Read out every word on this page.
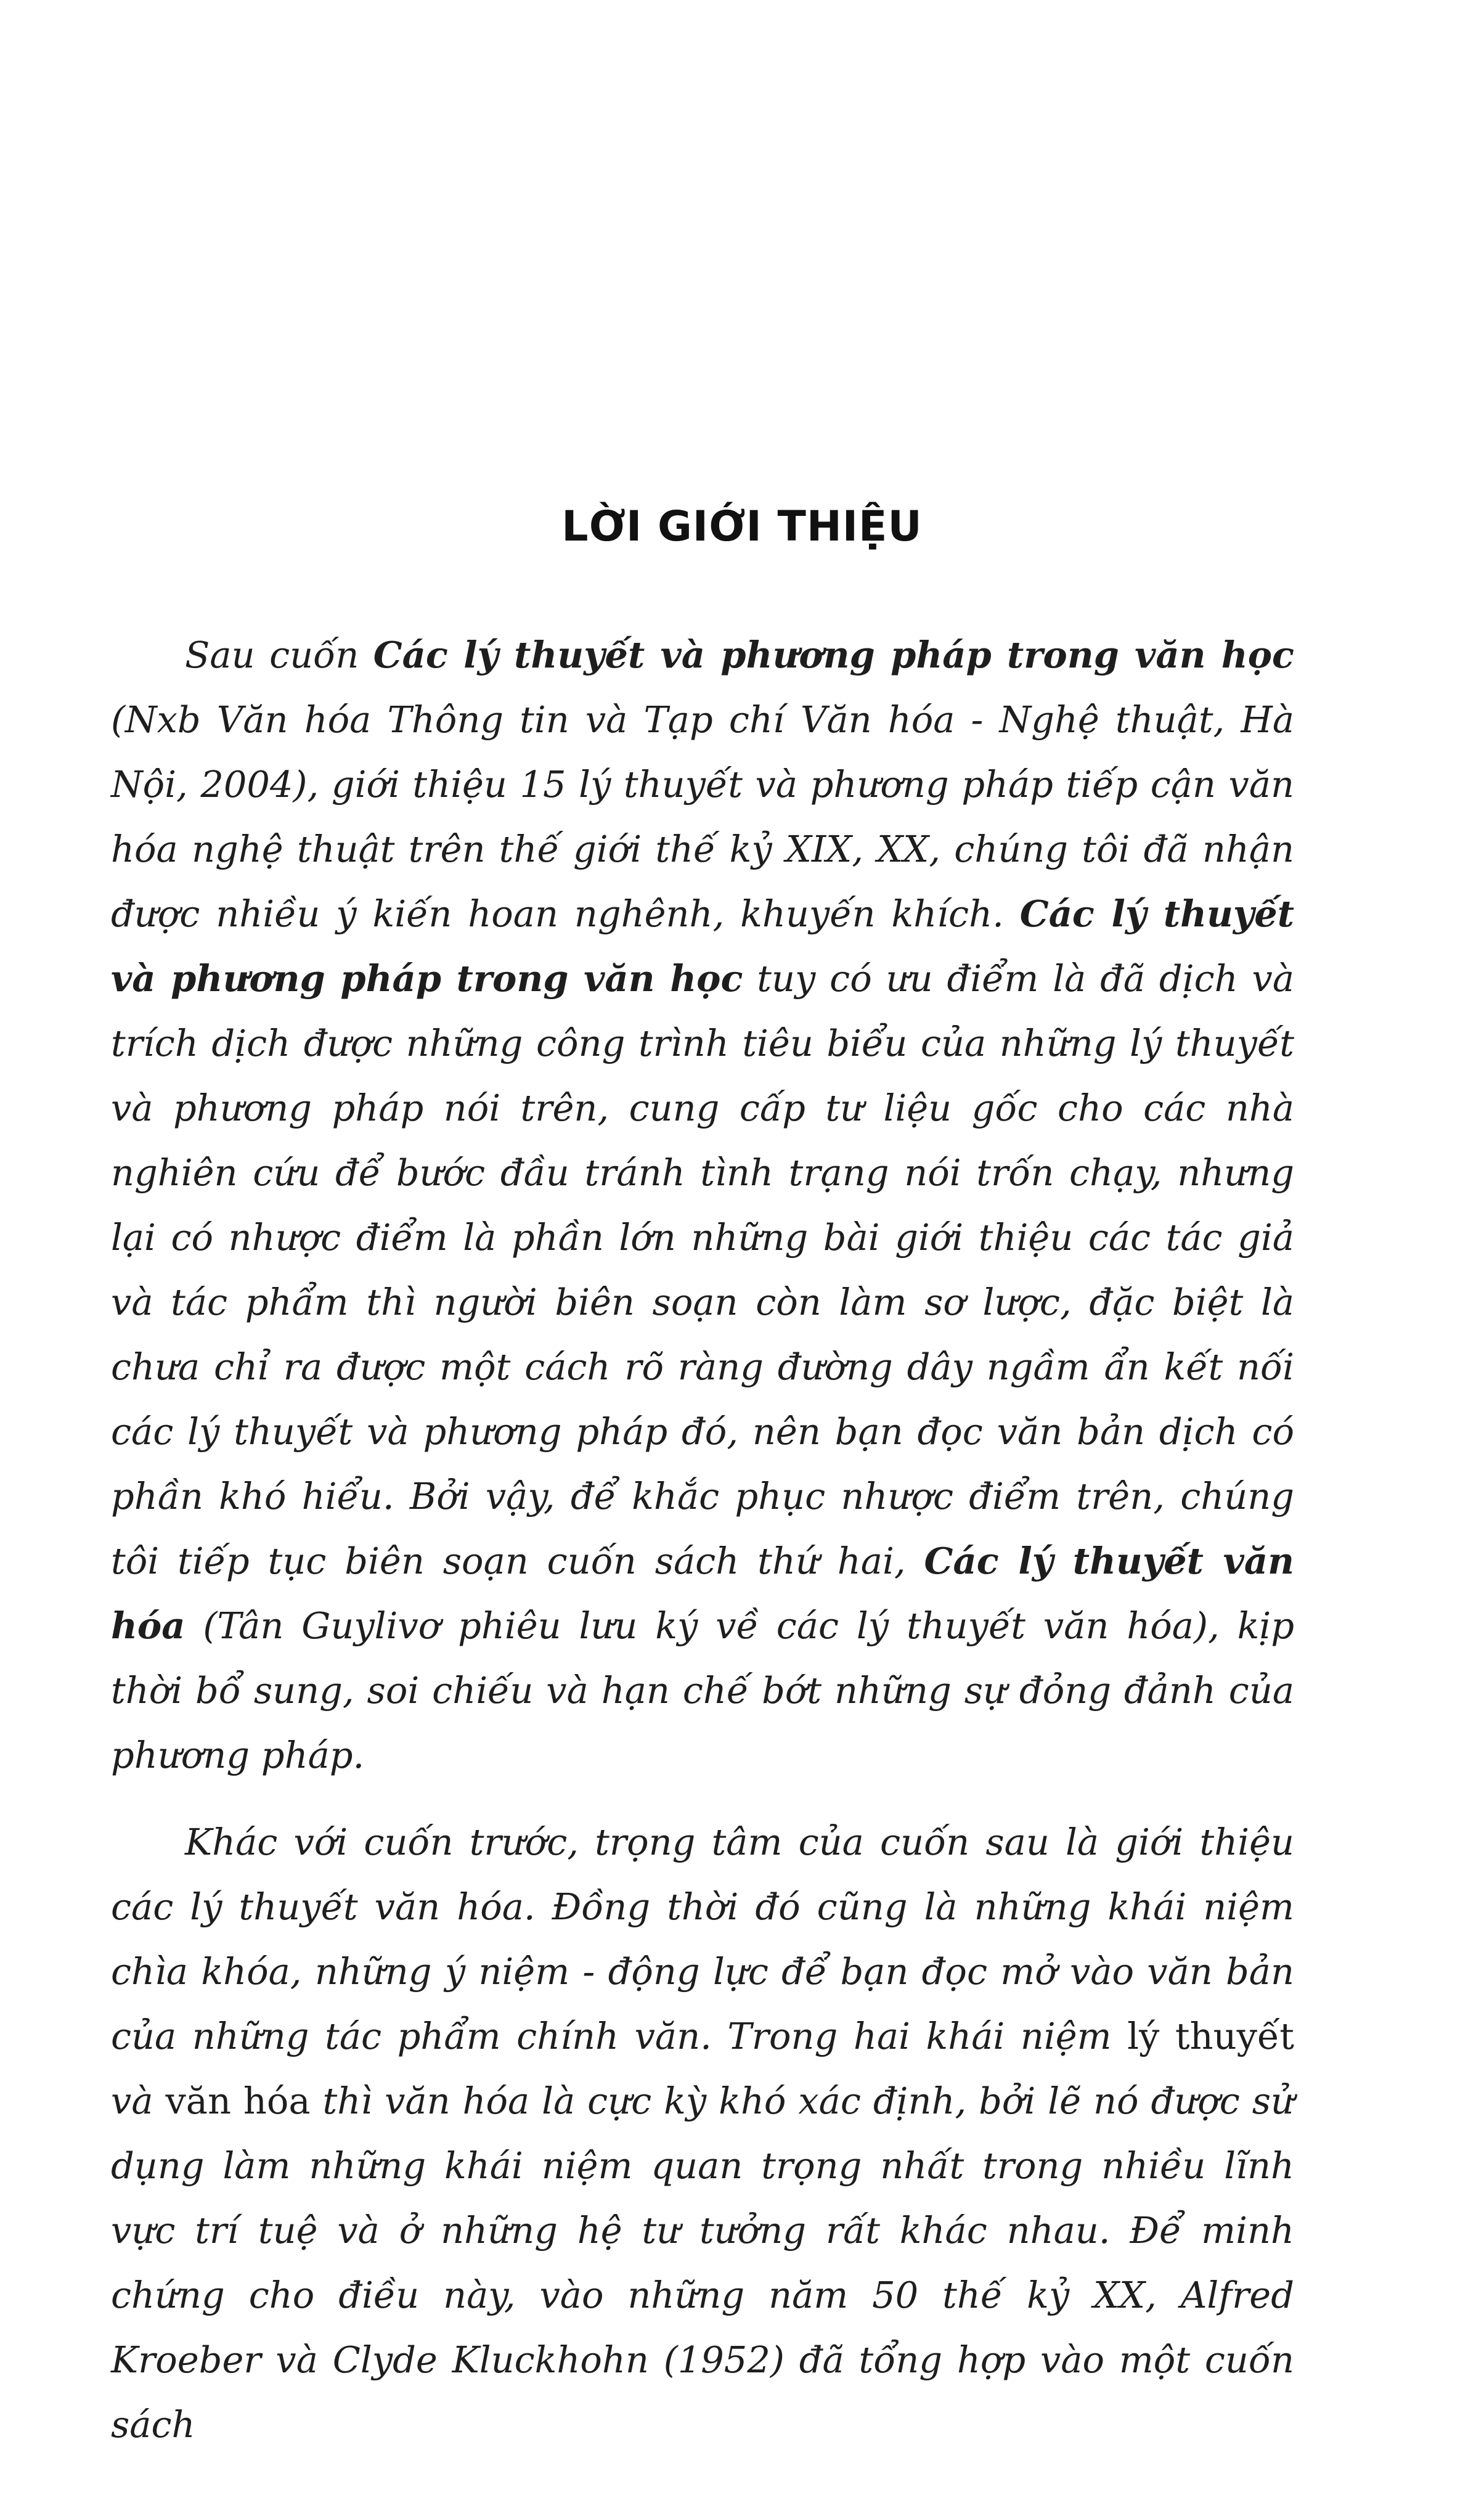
LỜI GIỚI THIỆU

Sau cuốn Các lý thuyết và phương pháp trong văn học (Nxb Văn hóa Thông tin và Tạp chí Văn hóa - Nghệ thuật, Hà Nội, 2004), giới thiệu 15 lý thuyết và phương pháp tiếp cận văn hóa nghệ thuật trên thế giới thế kỷ XIX, XX, chúng tôi đã nhận được nhiều ý kiến hoan nghênh, khuyến khích. Các lý thuyết và phương pháp trong văn học tuy có ưu điểm là đã dịch và trích dịch được những công trình tiêu biểu của những lý thuyết và phương pháp nói trên, cung cấp tư liệu gốc cho các nhà nghiên cứu để bước đầu tránh tình trạng nói trốn chạy, nhưng lại có nhược điểm là phần lớn những bài giới thiệu các tác giả và tác phẩm thì người biên soạn còn làm sơ lược, đặc biệt là chưa chỉ ra được một cách rõ ràng đường dây ngầm ẩn kết nối các lý thuyết và phương pháp đó, nên bạn đọc văn bản dịch có phần khó hiểu. Bởi vậy, để khắc phục nhược điểm trên, chúng tôi tiếp tục biên soạn cuốn sách thứ hai, Các lý thuyết văn hóa (Tân Guylivơ phiêu lưu ký về các lý thuyết văn hóa), kịp thời bổ sung, soi chiếu và hạn chế bớt những sự đỏng đảnh của phương pháp.

Khác với cuốn trước, trọng tâm của cuốn sau là giới thiệu các lý thuyết văn hóa. Đồng thời đó cũng là những khái niệm chìa khóa, những ý niệm - động lực để bạn đọc mở vào văn bản của những tác phẩm chính văn. Trong hai khái niệm lý thuyết và văn hóa thì văn hóa là cực kỳ khó xác định, bởi lẽ nó được sử dụng làm những khái niệm quan trọng nhất trong nhiều lĩnh vực trí tuệ và ở những hệ tư tưởng rất khác nhau. Để minh chứng cho điều này, vào những năm 50 thế kỷ XX, Alfred Kroeber và Clyde Kluckhohn (1952) đã tổng hợp vào một cuốn sách
